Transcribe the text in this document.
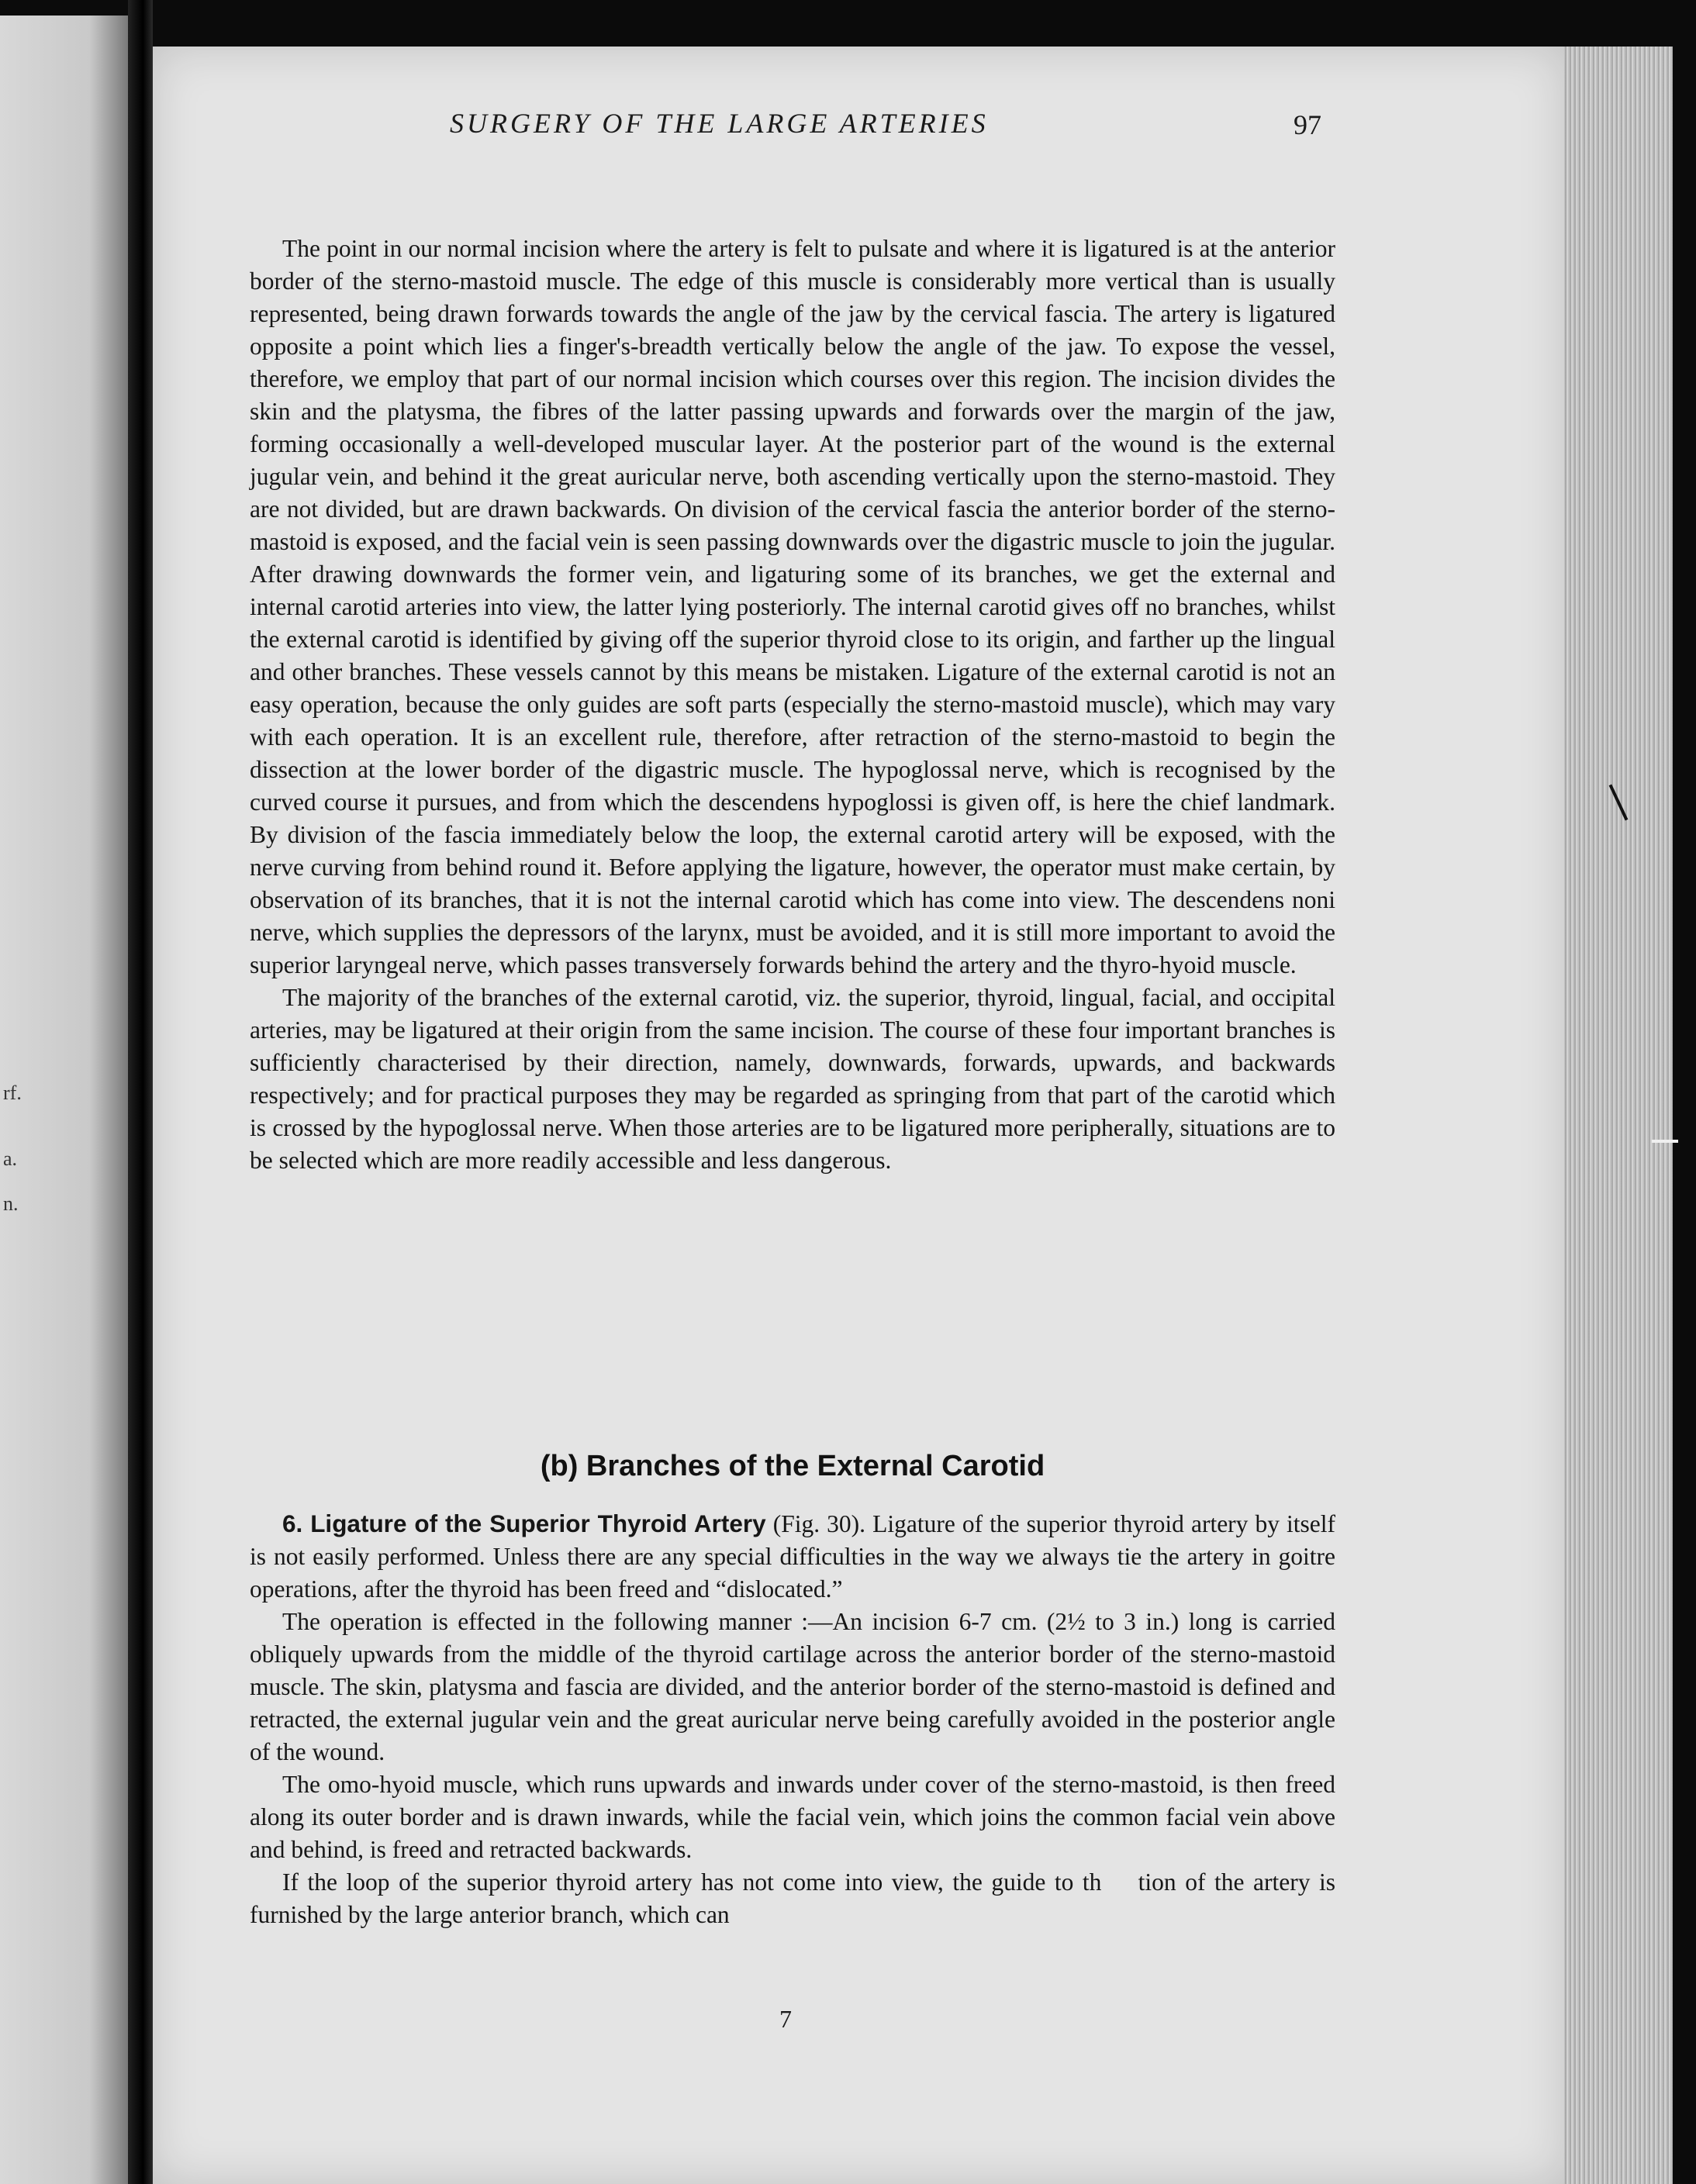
rf.
a.
n.
SURGERY OF THE LARGE ARTERIES	97

The point in our normal incision where the artery is felt to pulsate and where it is ligatured is at the anterior border of the sterno-mastoid muscle. The edge of this muscle is considerably more vertical than is usually represented, being drawn forwards towards the angle of the jaw by the cervical fascia. The artery is ligatured opposite a point which lies a finger's-breadth vertically below the angle of the jaw. To expose the vessel, therefore, we employ that part of our normal incision which courses over this region. The incision divides the skin and the platysma, the fibres of the latter passing upwards and forwards over the margin of the jaw, forming occasionally a well-developed muscular layer. At the posterior part of the wound is the external jugular vein, and behind it the great auricular nerve, both ascending vertically upon the sterno-mastoid. They are not divided, but are drawn backwards. On division of the cervical fascia the anterior border of the sterno-mastoid is exposed, and the facial vein is seen passing downwards over the digastric muscle to join the jugular. After drawing downwards the former vein, and ligaturing some of its branches, we get the external and internal carotid arteries into view, the latter lying posteriorly. The internal carotid gives off no branches, whilst the external carotid is identified by giving off the superior thyroid close to its origin, and farther up the lingual and other branches. These vessels cannot by this means be mistaken. Ligature of the external carotid is not an easy operation, because the only guides are soft parts (especially the sterno-mastoid muscle), which may vary with each operation. It is an excellent rule, therefore, after retraction of the sterno-mastoid to begin the dissection at the lower border of the digastric muscle. The hypoglossal nerve, which is recognised by the curved course it pursues, and from which the descendens hypoglossi is given off, is here the chief landmark. By division of the fascia immediately below the loop, the external carotid artery will be exposed, with the nerve curving from behind round it. Before applying the ligature, however, the operator must make certain, by observation of its branches, that it is not the internal carotid which has come into view. The descendens noni nerve, which supplies the depressors of the larynx, must be avoided, and it is still more important to avoid the superior laryngeal nerve, which passes transversely forwards behind the artery and the thyro-hyoid muscle.

The majority of the branches of the external carotid, viz. the superior, thyroid, lingual, facial, and occipital arteries, may be ligatured at their origin from the same incision. The course of these four important branches is sufficiently characterised by their direction, namely, downwards, forwards, upwards, and backwards respectively; and for practical purposes they may be regarded as springing from that part of the carotid which is crossed by the hypoglossal nerve. When those arteries are to be ligatured more peripherally, situations are to be selected which are more readily accessible and less dangerous.

(b) Branches of the External Carotid

6. Ligature of the Superior Thyroid Artery (Fig. 30). Ligature of the superior thyroid artery by itself is not easily performed. Unless there are any special difficulties in the way we always tie the artery in goitre operations, after the thyroid has been freed and “dislocated.”

The operation is effected in the following manner :—An incision 6-7 cm. (2½ to 3 in.) long is carried obliquely upwards from the middle of the thyroid cartilage across the anterior border of the sterno-mastoid muscle. The skin, platysma and fascia are divided, and the anterior border of the sterno-mastoid is defined and retracted, the external jugular vein and the great auricular nerve being carefully avoided in the posterior angle of the wound.

The omo-hyoid muscle, which runs upwards and inwards under cover of the sterno-mastoid, is then freed along its outer border and is drawn inwards, while the facial vein, which joins the common facial vein above and behind, is freed and retracted backwards.

If the loop of the superior thyroid artery has not come into view, the guide to th   tion of the artery is furnished by the large anterior branch, which can

7
